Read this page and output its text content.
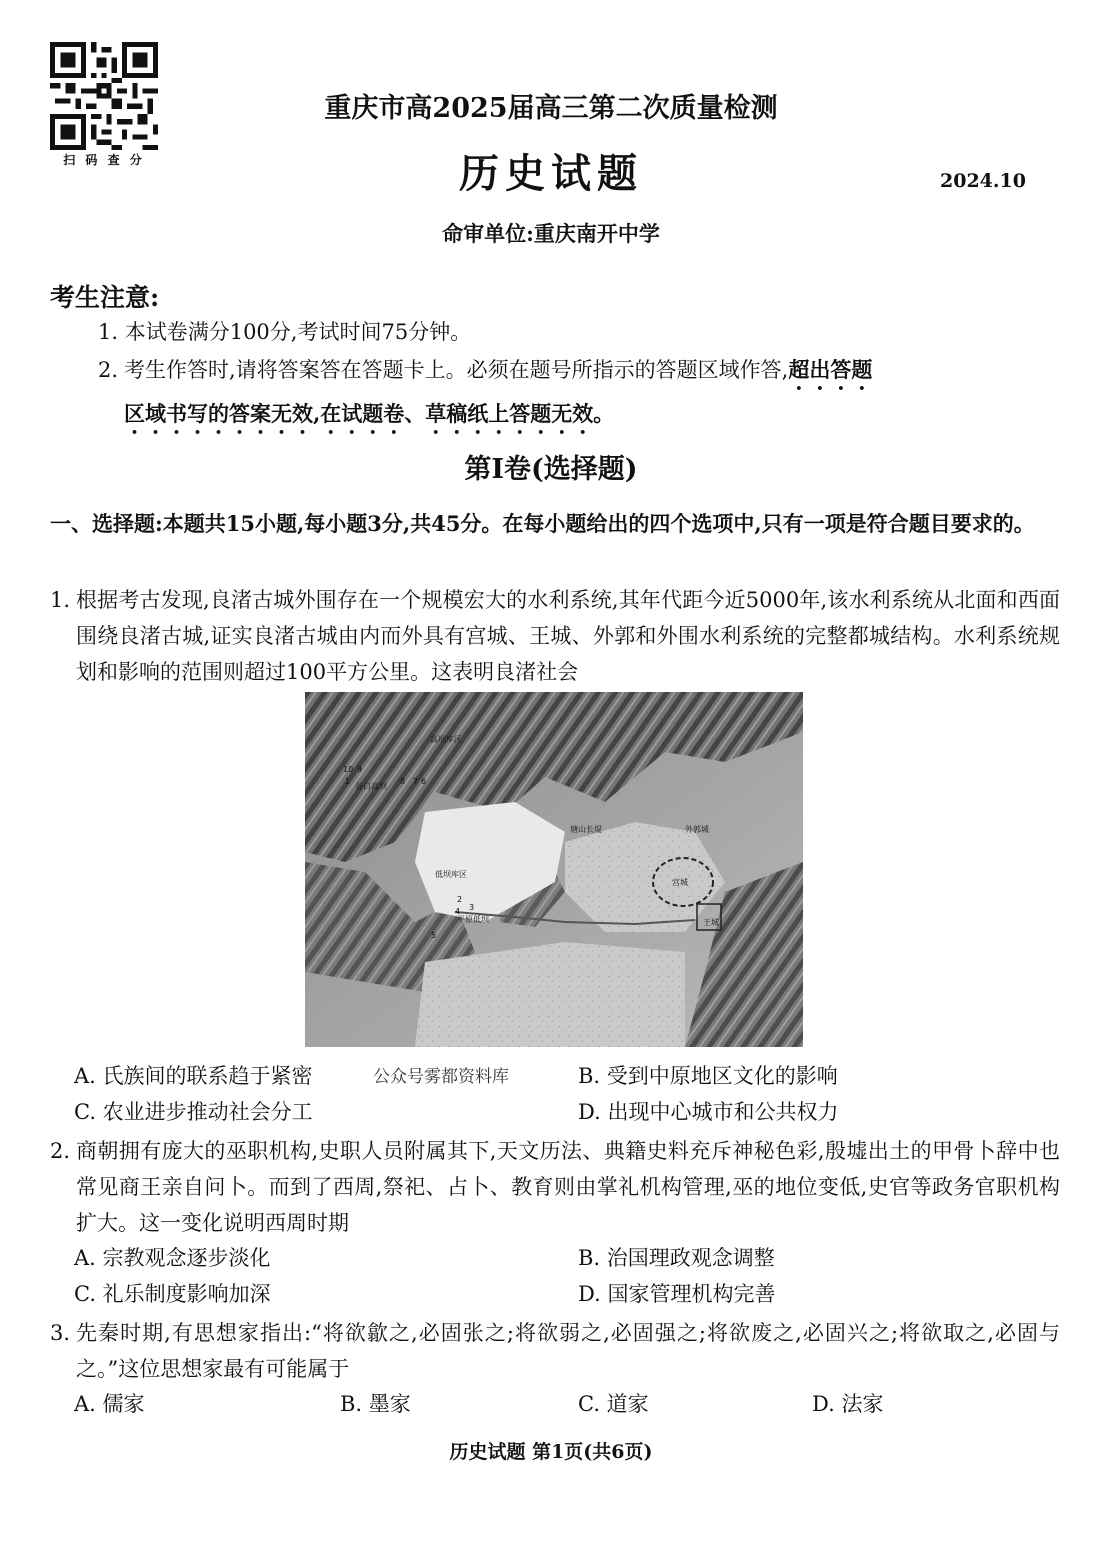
扫 码 查 分
重庆市高2025届高三第二次质量检测
历史试题	2024.10
命审单位:重庆南开中学
考生注意:
1. 本试卷满分100分,考试时间75分钟。
2. 考生作答时,请将答案答在答题卡上。必须在题号所指示的答题区域作答,超出答题
区域书写的答案无效,在试题卷、草稿纸上答题无效。
第Ⅰ卷(选择题)
一、选择题:本题共15小题,每小题3分,共45分。在每小题给出的四个选项中,只有一项是符合题目要求的。
1. 根据考古发现,良渚古城外围存在一个规模宏大的水利系统,其年代距今近5000年,该水利系统从北面和西面围绕良渚古城,证实良渚古城由内而外具有宫城、王城、外郭和外围水利系统的完整都城结构。水利系统规划和影响的范围则超过100平方公里。这表明良渚社会
高坝库区
谷口高坝
低坝库区
平原低坝
外郭城
王城
宫城
塘山长堤
10 9
1	8 7 6
2
3
4
5
A. 氏族间的联系趋于紧密	公众号雾都资料库	B. 受到中原地区文化的影响
C. 农业进步推动社会分工	D. 出现中心城市和公共权力
2. 商朝拥有庞大的巫职机构,史职人员附属其下,天文历法、典籍史料充斥神秘色彩,殷墟出土的甲骨卜辞中也常见商王亲自问卜。而到了西周,祭祀、占卜、教育则由掌礼机构管理,巫的地位变低,史官等政务官职机构扩大。这一变化说明西周时期
A. 宗教观念逐步淡化	B. 治国理政观念调整
C. 礼乐制度影响加深	D. 国家管理机构完善
3. 先秦时期,有思想家指出:“将欲歙之,必固张之;将欲弱之,必固强之;将欲废之,必固兴之;将欲取之,必固与之。”这位思想家最有可能属于
A. 儒家	B. 墨家	C. 道家	D. 法家
历史试题 第1页(共6页)
